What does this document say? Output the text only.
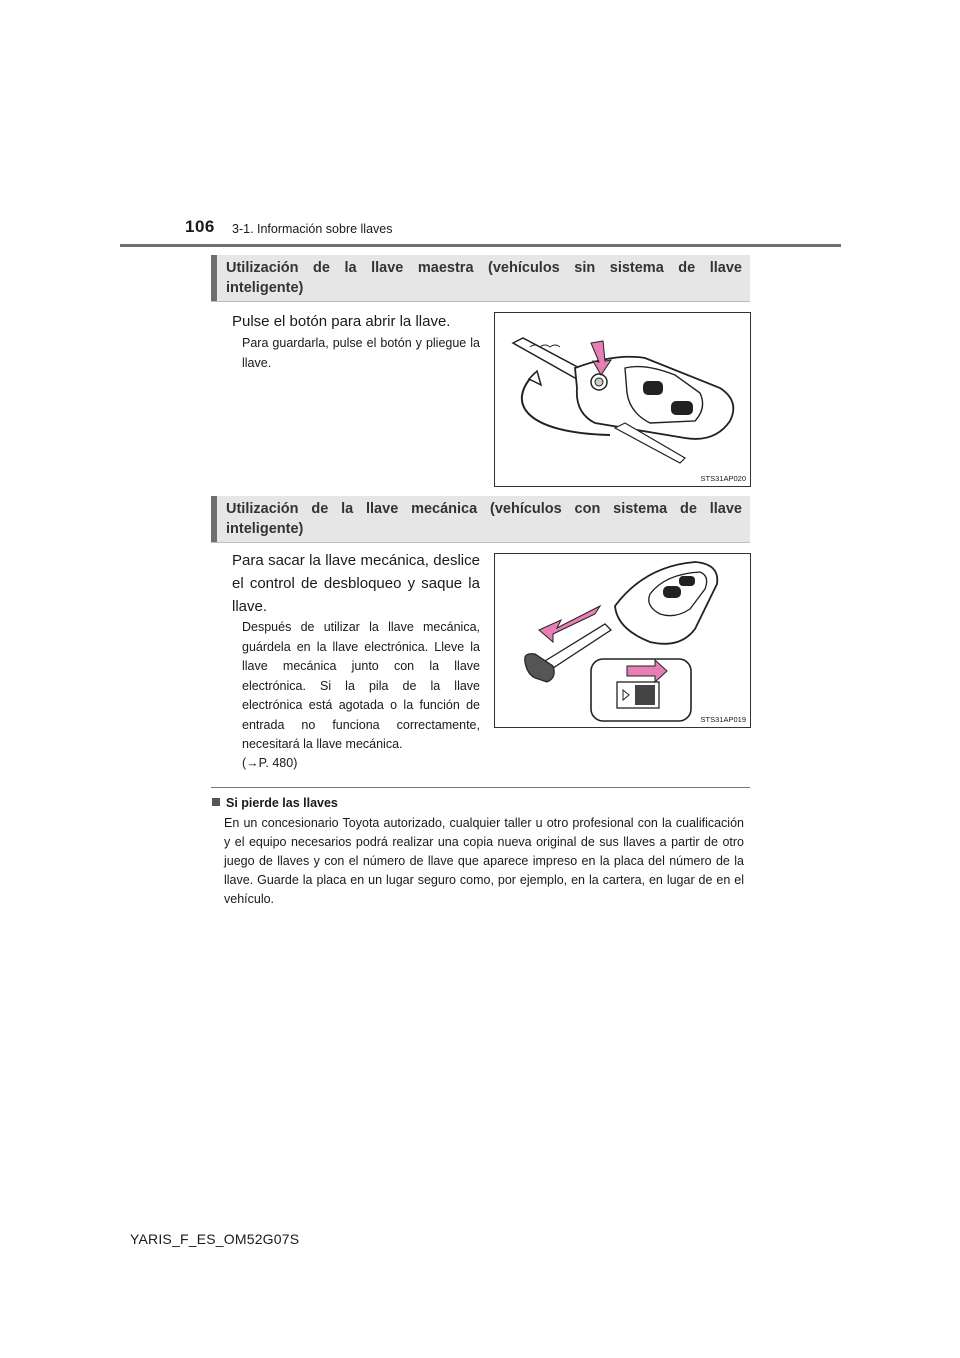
106 3-1. Información sobre llaves
Utilización de la llave maestra (vehículos sin sistema de llave inteligente)
Pulse el botón para abrir la llave.
Para guardarla, pulse el botón y pliegue la llave.
STS31AP020
Utilización de la llave mecánica (vehículos con sistema de llave inteligente)
Para sacar la llave mecánica, deslice el control de desbloqueo y saque la llave.
Después de utilizar la llave mecánica, guárdela en la llave electrónica. Lleve la llave mecánica junto con la llave electrónica. Si la pila de la llave electrónica está agotada o la función de entrada no funciona correctamente, necesitará la llave mecánica.
(→P. 480)
STS31AP019
Si pierde las llaves
En un concesionario Toyota autorizado, cualquier taller u otro profesional con la cualificación y el equipo necesarios podrá realizar una copia nueva original de sus llaves a partir de otro juego de llaves y con el número de llave que aparece impreso en la placa del número de la llave. Guarde la placa en un lugar seguro como, por ejemplo, en la cartera, en lugar de en el vehículo.
YARIS_F_ES_OM52G07S
